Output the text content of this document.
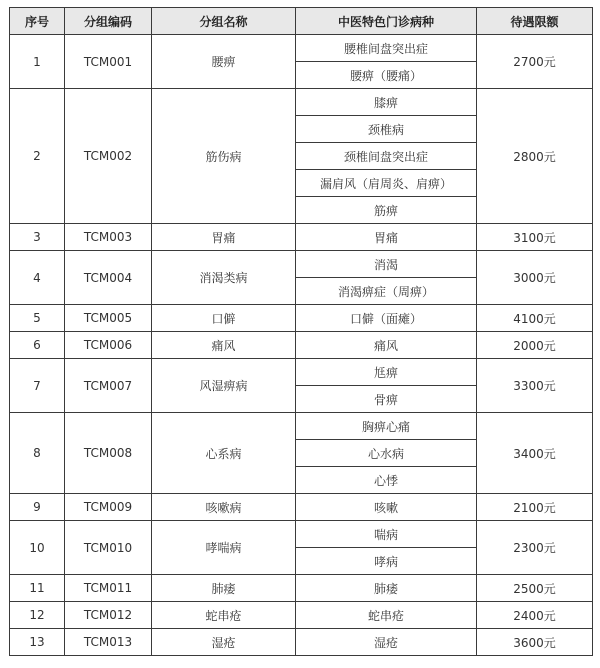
序号	分组编码	分组名称	中医特色门诊病种	待遇限额
1	TCM001	腰痹	腰椎间盘突出症	2700元
			腰痹（腰痛）	
2	TCM002	筋伤病	膝痹	2800元
			颈椎病	
			颈椎间盘突出症	
			漏肩风（肩周炎、肩痹）	
			筋痹	
3	TCM003	胃痛	胃痛	3100元
4	TCM004	消渴类病	消渴	3000元
			消渴痹症（周痹）	
5	TCM005	口僻	口僻（面瘫）	4100元
6	TCM006	痛风	痛风	2000元
7	TCM007	风湿痹病	尪痹	3300元
			骨痹	
8	TCM008	心系病	胸痹心痛	3400元
			心水病	
			心悸	
9	TCM009	咳嗽病	咳嗽	2100元
10	TCM010	哮喘病	喘病	2300元
			哮病	
11	TCM011	肺痿	肺痿	2500元
12	TCM012	蛇串疮	蛇串疮	2400元
13	TCM013	湿疮	湿疮	3600元
